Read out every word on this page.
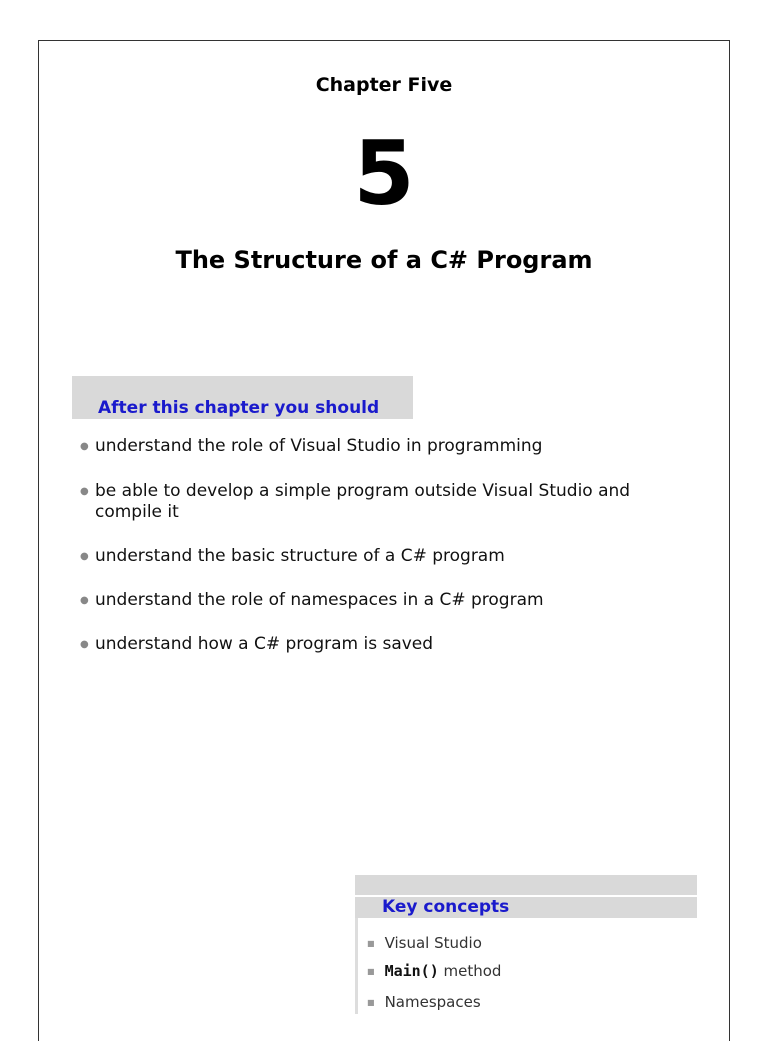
Chapter Five
5
The Structure of a C# Program
After this chapter you should
● understand the role of Visual Studio in programming
● be able to develop a simple program outside Visual Studio and compile it
● understand the basic structure of a C# program
● understand the role of namespaces in a C# program
● understand how a C# program is saved
Key concepts
■ Visual Studio
■ Main() method
■ Namespaces
